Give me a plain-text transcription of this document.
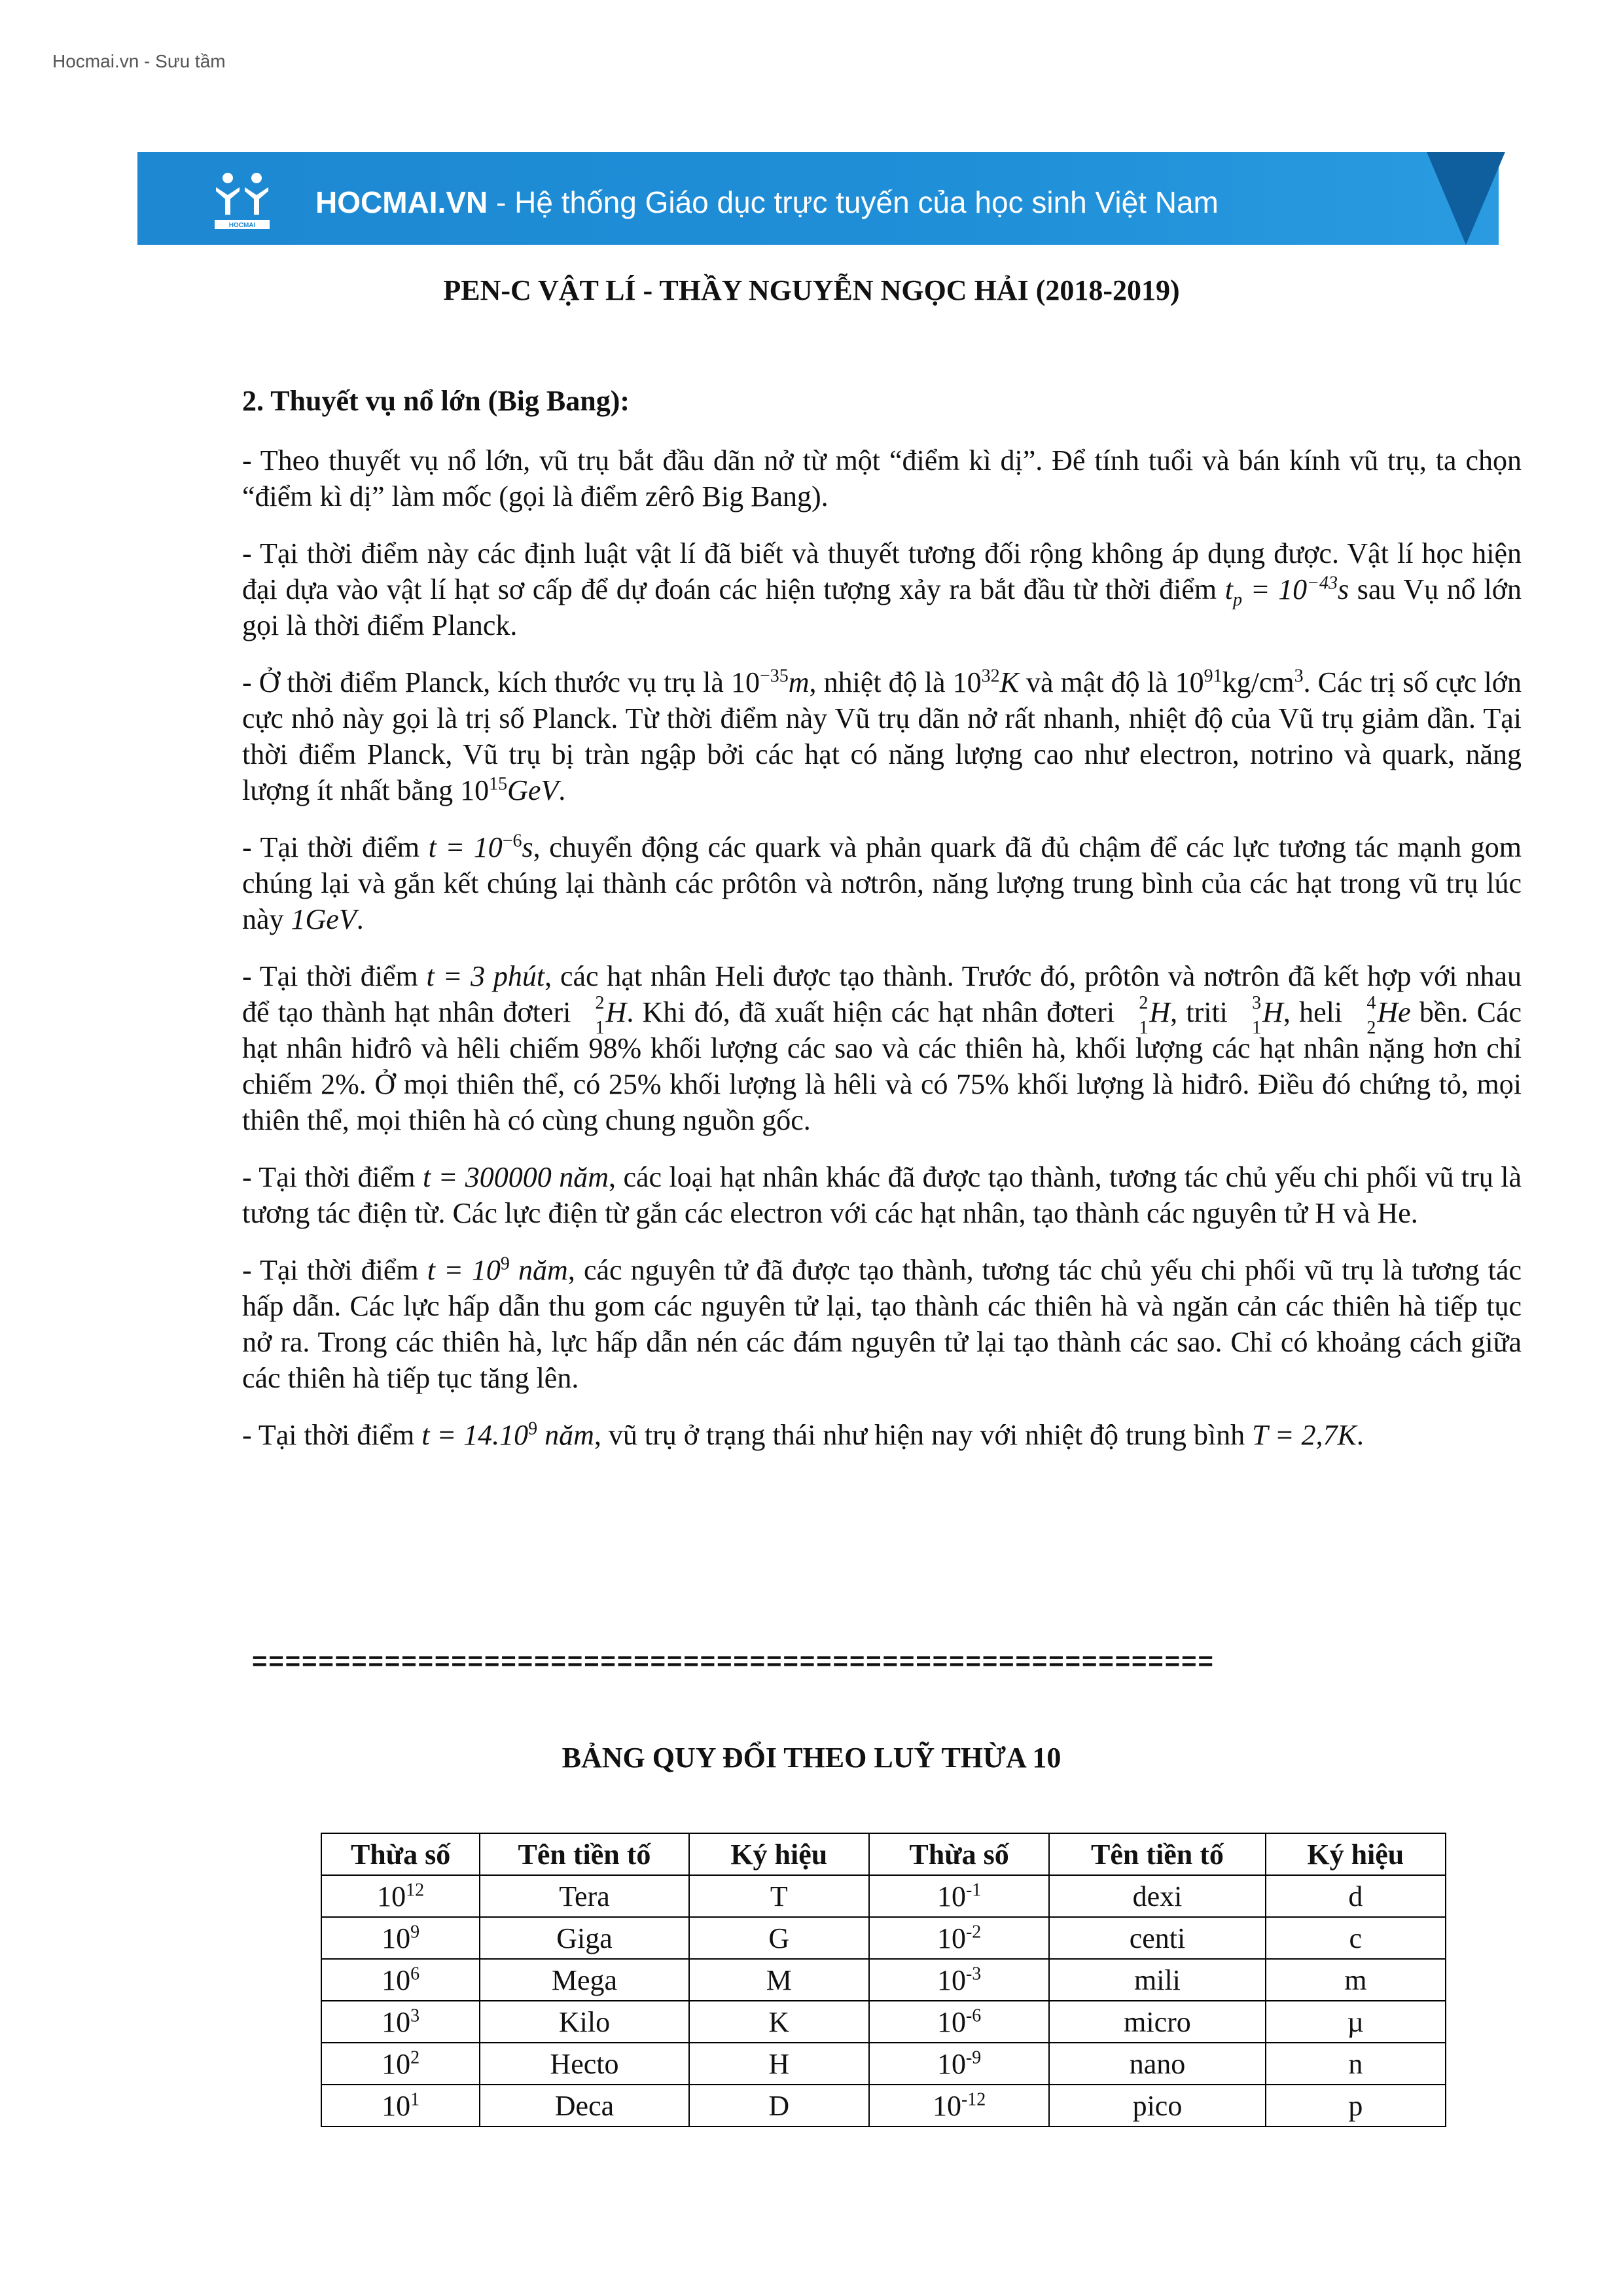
Hocmai.vn - Sưu tầm
HOCMAI
HOCMAI.VN - Hệ thống Giáo dục trực tuyến của học sinh Việt Nam
PEN-C VẬT LÍ - THẦY NGUYỄN NGỌC HẢI (2018-2019)

2. Thuyết vụ nổ lớn (Big Bang):

- Theo thuyết vụ nổ lớn, vũ trụ bắt đầu dãn nở từ một “điểm kì dị”. Để tính tuổi và bán kính vũ trụ, ta chọn “điểm kì dị” làm mốc (gọi là điểm zêrô Big Bang).

- Tại thời điểm này các định luật vật lí đã biết và thuyết tương đối rộng không áp dụng được. Vật lí học hiện đại dựa vào vật lí hạt sơ cấp để dự đoán các hiện tượng xảy ra bắt đầu từ thời điểm $t_p = 10^{-43}s$ sau Vụ nổ lớn gọi là thời điểm Planck.

- Ở thời điểm Planck, kích thước vụ trụ là $10^{-35}m$, nhiệt độ là $10^{32}K$ và mật độ là $10^{91}kg/cm^3$. Các trị số cực lớn cực nhỏ này gọi là trị số Planck. Từ thời điểm này Vũ trụ dãn nở rất nhanh, nhiệt độ của Vũ trụ giảm dần. Tại thời điểm Planck, Vũ trụ bị tràn ngập bởi các hạt có năng lượng cao như electron, notrino và quark, năng lượng ít nhất bằng $10^{15}GeV$.

- Tại thời điểm $t = 10^{-6}s$, chuyển động các quark và phản quark đã đủ chậm để các lực tương tác mạnh gom chúng lại và gắn kết chúng lại thành các prôtôn và nơtrôn, năng lượng trung bình của các hạt trong vũ trụ lúc này 1GeV.

- Tại thời điểm t = 3 phút, các hạt nhân Heli được tạo thành. Trước đó, prôtôn và nơtrôn đã kết hợp với nhau để tạo thành hạt nhân đơteri 2
1 H. Khi đó, đã xuất hiện các hạt nhân đơteri 2
1 H, triti 3
1 H, heli 4
2 He bền. Các hạt nhân hiđrô và hêli chiếm 98% khối lượng các sao và các thiên hà, khối lượng các hạt nhân nặng hơn chỉ chiếm 2%. Ở mọi thiên thể, có 25% khối lượng là hêli và có 75% khối lượng là hiđrô. Điều đó chứng tỏ, mọi thiên thể, mọi thiên hà có cùng chung nguồn gốc.

- Tại thời điểm t = 300000 năm, các loại hạt nhân khác đã được tạo thành, tương tác chủ yếu chi phối vũ trụ là tương tác điện từ. Các lực điện từ gắn các electron với các hạt nhân, tạo thành các nguyên tử H và He.

- Tại thời điểm $t = 10^9$ năm, các nguyên tử đã được tạo thành, tương tác chủ yếu chi phối vũ trụ là tương tác hấp dẫn. Các lực hấp dẫn thu gom các nguyên tử lại, tạo thành các thiên hà và ngăn cản các thiên hà tiếp tục nở ra. Trong các thiên hà, lực hấp dẫn nén các đám nguyên tử lại tạo thành các sao. Chỉ có khoảng cách giữa các thiên hà tiếp tục tăng lên.

- Tại thời điểm $t = 14.10^9$ năm, vũ trụ ở trạng thái như hiện nay với nhiệt độ trung bình T = 2,7K.

==========================================================
BẢNG QUY ĐỔI THEO LUỸ THỪA 10
Thừa số	Tên tiền tố	Ký hiệu	Thừa số	Tên tiền tố	Ký hiệu
$10^{12}$	Tera	T	$10^{-1}$	dexi	d
$10^9$	Giga	G	$10^{-2}$	centi	c
$10^6$	Mega	M	$10^{-3}$	mili	m
$10^3$	Kilo	K	$10^{-6}$	micro	µ
$10^2$	Hecto	H	$10^{-9}$	nano	n
$10^1$	Deca	D	$10^{-12}$	pico	p
